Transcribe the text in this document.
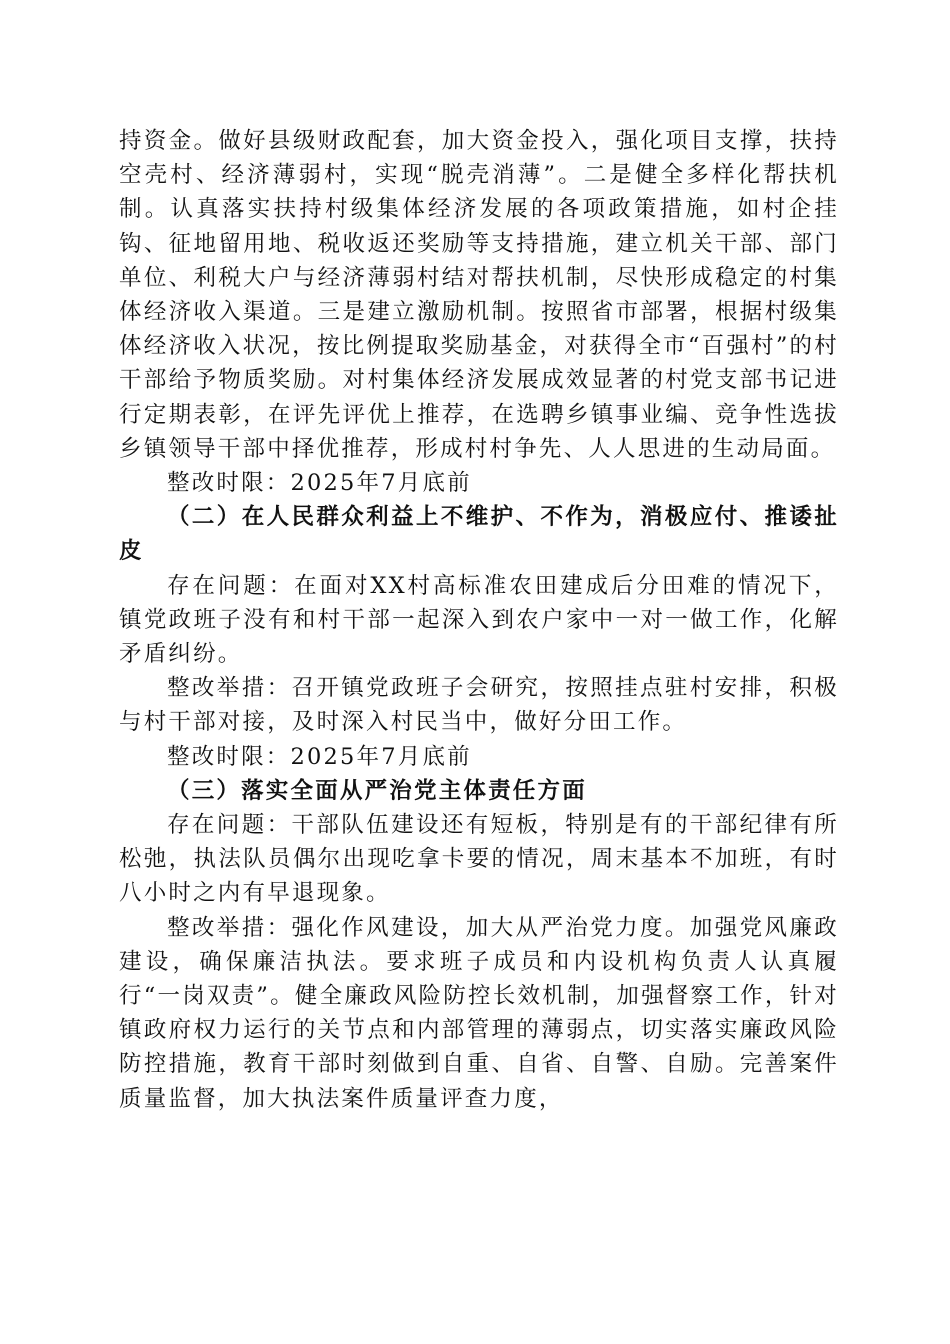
持资金。做好县级财政配套，加大资金投入，强化项目支撑，扶持空壳村、经济薄弱村，实现“脱壳消薄”。二是健全多样化帮扶机制。认真落实扶持村级集体经济发展的各项政策措施，如村企挂钩、征地留用地、税收返还奖励等支持措施，建立机关干部、部门单位、利税大户与经济薄弱村结对帮扶机制，尽快形成稳定的村集体经济收入渠道。三是建立激励机制。按照省市部署，根据村级集体经济收入状况，按比例提取奖励基金，对获得全市“百强村”的村干部给予物质奖励。对村集体经济发展成效显著的村党支部书记进行定期表彰，在评先评优上推荐，在选聘乡镇事业编、竞争性选拔乡镇领导干部中择优推荐，形成村村争先、人人思进的生动局面。

整改时限：2025年7月底前

（二）在人民群众利益上不维护、不作为，消极应付、推诿扯皮

存在问题：在面对XX村高标准农田建成后分田难的情况下，镇党政班子没有和村干部一起深入到农户家中一对一做工作，化解矛盾纠纷。

整改举措：召开镇党政班子会研究，按照挂点驻村安排，积极与村干部对接，及时深入村民当中，做好分田工作。

整改时限：2025年7月底前

（三）落实全面从严治党主体责任方面

存在问题：干部队伍建设还有短板，特别是有的干部纪律有所松弛，执法队员偶尔出现吃拿卡要的情况，周末基本不加班，有时八小时之内有早退现象。

整改举措：强化作风建设，加大从严治党力度。加强党风廉政建设，确保廉洁执法。要求班子成员和内设机构负责人认真履行“一岗双责”。健全廉政风险防控长效机制，加强督察工作，针对镇政府权力运行的关节点和内部管理的薄弱点，切实落实廉政风险防控措施，教育干部时刻做到自重、自省、自警、自励。完善案件质量监督，加大执法案件质量评查力度，
